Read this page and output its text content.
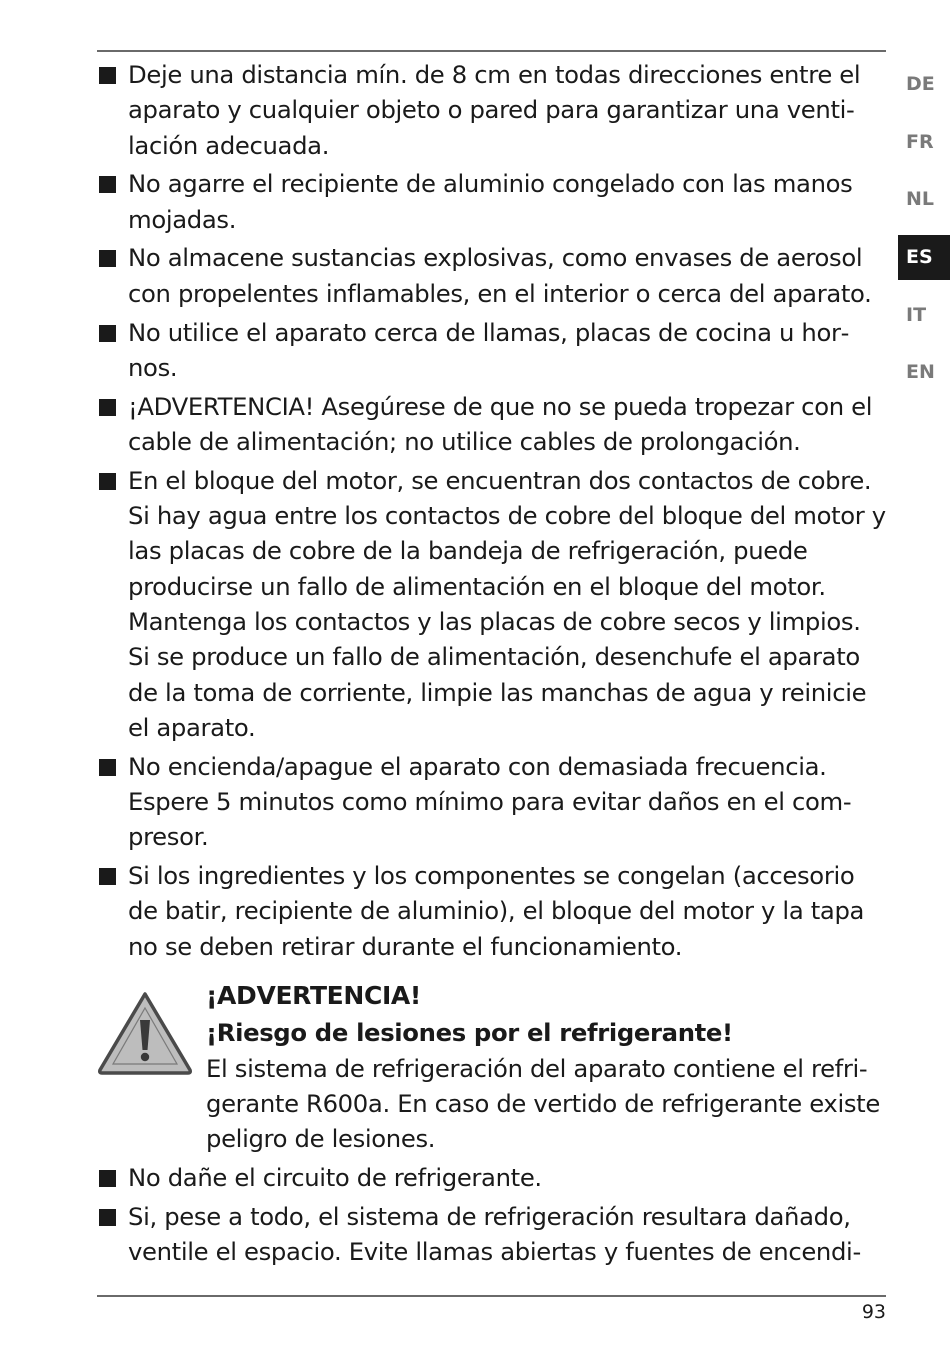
Deje una distancia mín. de 8 cm en todas direcciones entre el aparato y cualquier objeto o pared para garantizar una ventilación adecuada.
No agarre el recipiente de aluminio congelado con las manos mojadas.
No almacene sustancias explosivas, como envases de aerosol con propelentes inflamables, en el interior o cerca del aparato.
No utilice el aparato cerca de llamas, placas de cocina u hornos.
¡ADVERTENCIA! Asegúrese de que no se pueda tropezar con el cable de alimentación; no utilice cables de prolongación.
En el bloque del motor, se encuentran dos contactos de cobre. Si hay agua entre los contactos de cobre del bloque del motor y las placas de cobre de la bandeja de refrigeración, puede producirse un fallo de alimentación en el bloque del motor. Mantenga los contactos y las placas de cobre secos y limpios. Si se produce un fallo de alimentación, desenchufe el aparato de la toma de corriente, limpie las manchas de agua y reinicie el aparato.
No encienda/apague el aparato con demasiada frecuencia. Espere 5 minutos como mínimo para evitar daños en el compresor.
Si los ingredientes y los componentes se congelan (accesorio de batir, recipiente de aluminio), el bloque del motor y la tapa no se deben retirar durante el funcionamiento.
¡ADVERTENCIA!
¡Riesgo de lesiones por el refrigerante!
El sistema de refrigeración del aparato contiene el refrigerante R600a. En caso de vertido de refrigerante existe peligro de lesiones.
No dañe el circuito de refrigerante.
Si, pese a todo, el sistema de refrigeración resultara dañado, ventile el espacio. Evite llamas abiertas y fuentes de encendi-
DE
FR
NL
ES
IT
EN
93
